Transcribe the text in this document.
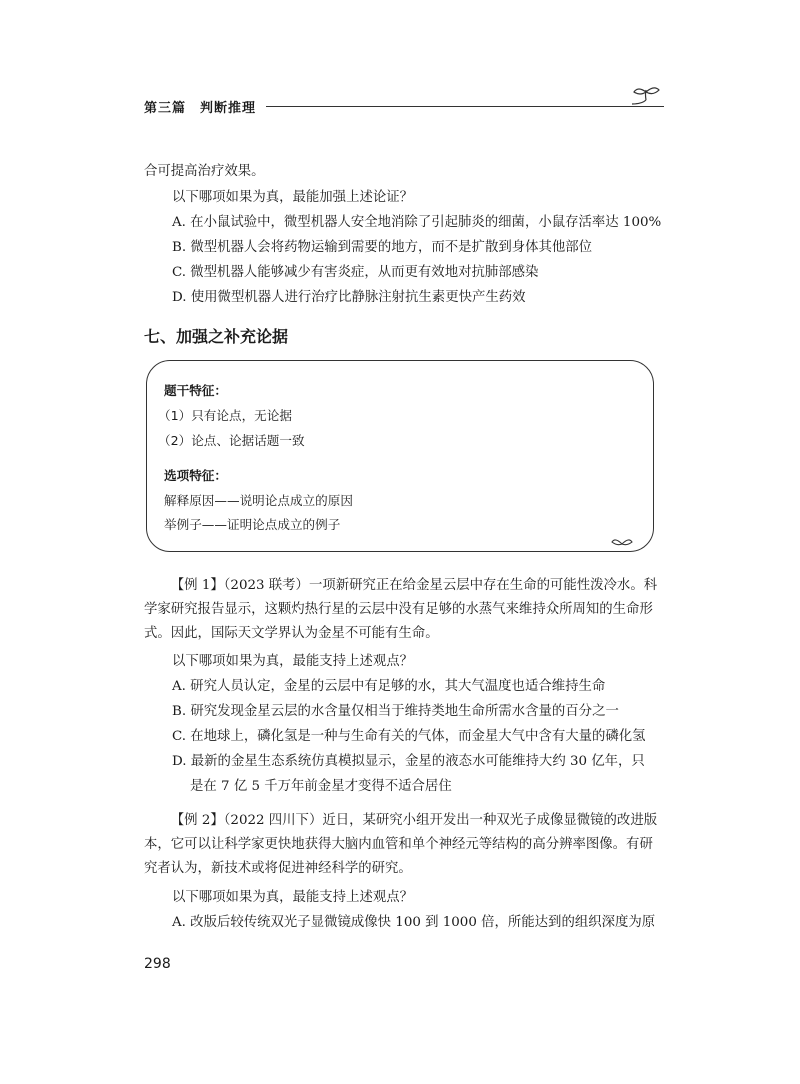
第三篇 判断推理

合可提高治疗效果。

以下哪项如果为真，最能加强上述论证？

A. 在小鼠试验中，微型机器人安全地消除了引起肺炎的细菌，小鼠存活率达 100%

B. 微型机器人会将药物运输到需要的地方，而不是扩散到身体其他部位

C. 微型机器人能够减少有害炎症，从而更有效地对抗肺部感染

D. 使用微型机器人进行治疗比静脉注射抗生素更快产生药效

七、加强之补充论据

题干特征：

（1）只有论点，无论据

（2）论点、论据话题一致

选项特征：

解释原因——说明论点成立的原因

举例子——证明论点成立的例子

【例 1】（2023 联考）一项新研究正在给金星云层中存在生命的可能性泼冷水。科学家研究报告显示，这颗灼热行星的云层中没有足够的水蒸气来维持众所周知的生命形式。因此，国际天文学界认为金星不可能有生命。

以下哪项如果为真，最能支持上述观点？

A. 研究人员认定，金星的云层中有足够的水，其大气温度也适合维持生命

B. 研究发现金星云层的水含量仅相当于维持类地生命所需水含量的百分之一

C. 在地球上，磷化氢是一种与生命有关的气体，而金星大气中含有大量的磷化氢

D. 最新的金星生态系统仿真模拟显示，金星的液态水可能维持大约 30 亿年，只

是在 7 亿 5 千万年前金星才变得不适合居住

【例 2】（2022 四川下）近日，某研究小组开发出一种双光子成像显微镜的改进版本，它可以让科学家更快地获得大脑内血管和单个神经元等结构的高分辨率图像。有研究者认为，新技术或将促进神经科学的研究。

以下哪项如果为真，最能支持上述观点？

A. 改版后较传统双光子显微镜成像快 100 到 1000 倍，所能达到的组织深度为原

298
